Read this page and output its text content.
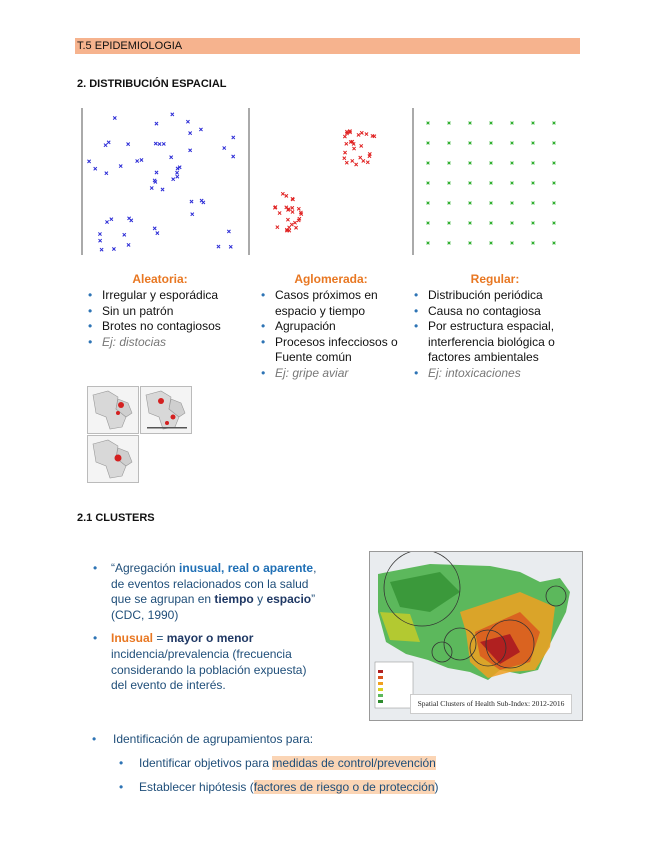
T.5 EPIDEMIOLOGIA
2. DISTRIBUCIÓN ESPACIAL
Aleatoria:
• Irregular y esporádica
• Sin un patrón
• Brotes no contagiosos
• Ej: distocias
Aglomerada:
• Casos próximos en espacio y tiempo
• Agrupación
• Procesos infecciosos o Fuente común
• Ej: gripe aviar
Regular:
• Distribución periódica
• Causa no contagiosa
• Por estructura espacial, interferencia biológica o factores ambientales
• Ej: intoxicaciones
2.1 CLUSTERS
• “Agregación inusual, real o aparente, de eventos relacionados con la salud que se agrupan en tiempo y espacio” (CDC, 1990)
• Inusual = mayor o menor incidencia/prevalencia (frecuencia considerando la población expuesta) del evento de interés.
Spatial Clusters of Health Sub-Index: 2012-2016
• Identificación de agrupamientos para:
• Identificar objetivos para medidas de control/prevención
• Establecer hipótesis (factores de riesgo o de protección)
